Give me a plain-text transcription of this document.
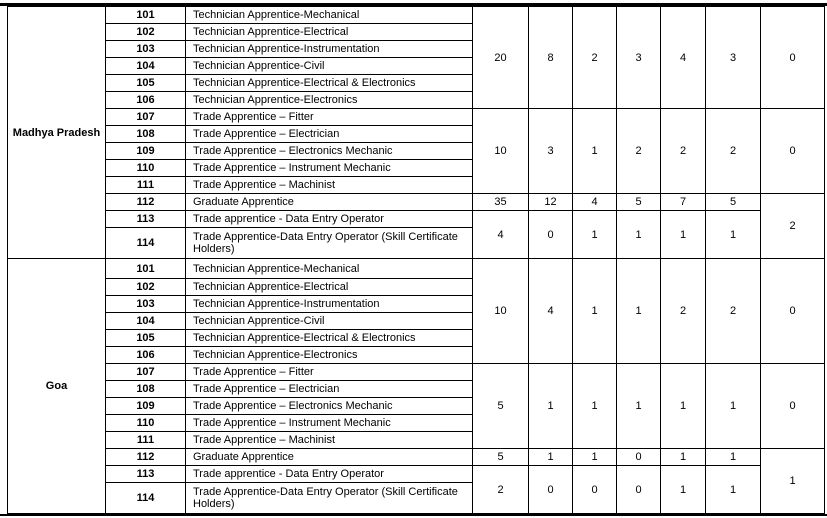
Madhya Pradesh	101	Technician Apprentice-Mechanical	20	8	2	3	4	3	0
	102	Technician Apprentice-Electrical							
	103	Technician Apprentice-Instrumentation							
	104	Technician Apprentice-Civil							
	105	Technician Apprentice-Electrical & Electronics							
	106	Technician Apprentice-Electronics							
	107	Trade Apprentice – Fitter	10	3	1	2	2	2	0
	108	Trade Apprentice – Electrician							
	109	Trade Apprentice – Electronics Mechanic							
	110	Trade Apprentice – Instrument Mechanic							
	111	Trade Apprentice – Machinist							
	112	Graduate Apprentice	35	12	4	5	7	5	2
	113	Trade apprentice - Data Entry Operator	4	0	1	1	1	1	
	114	Trade Apprentice-Data Entry Operator (Skill Certificate Holders)							
Goa	101	Technician Apprentice-Mechanical	10	4	1	1	2	2	0
	102	Technician Apprentice-Electrical							
	103	Technician Apprentice-Instrumentation							
	104	Technician Apprentice-Civil							
	105	Technician Apprentice-Electrical & Electronics							
	106	Technician Apprentice-Electronics							
	107	Trade Apprentice – Fitter	5	1	1	1	1	1	0
	108	Trade Apprentice – Electrician							
	109	Trade Apprentice – Electronics Mechanic							
	110	Trade Apprentice – Instrument Mechanic							
	111	Trade Apprentice – Machinist							
	112	Graduate Apprentice	5	1	1	0	1	1	1
	113	Trade apprentice - Data Entry Operator	2	0	0	0	1	1	
	114	Trade Apprentice-Data Entry Operator (Skill Certificate Holders)							
